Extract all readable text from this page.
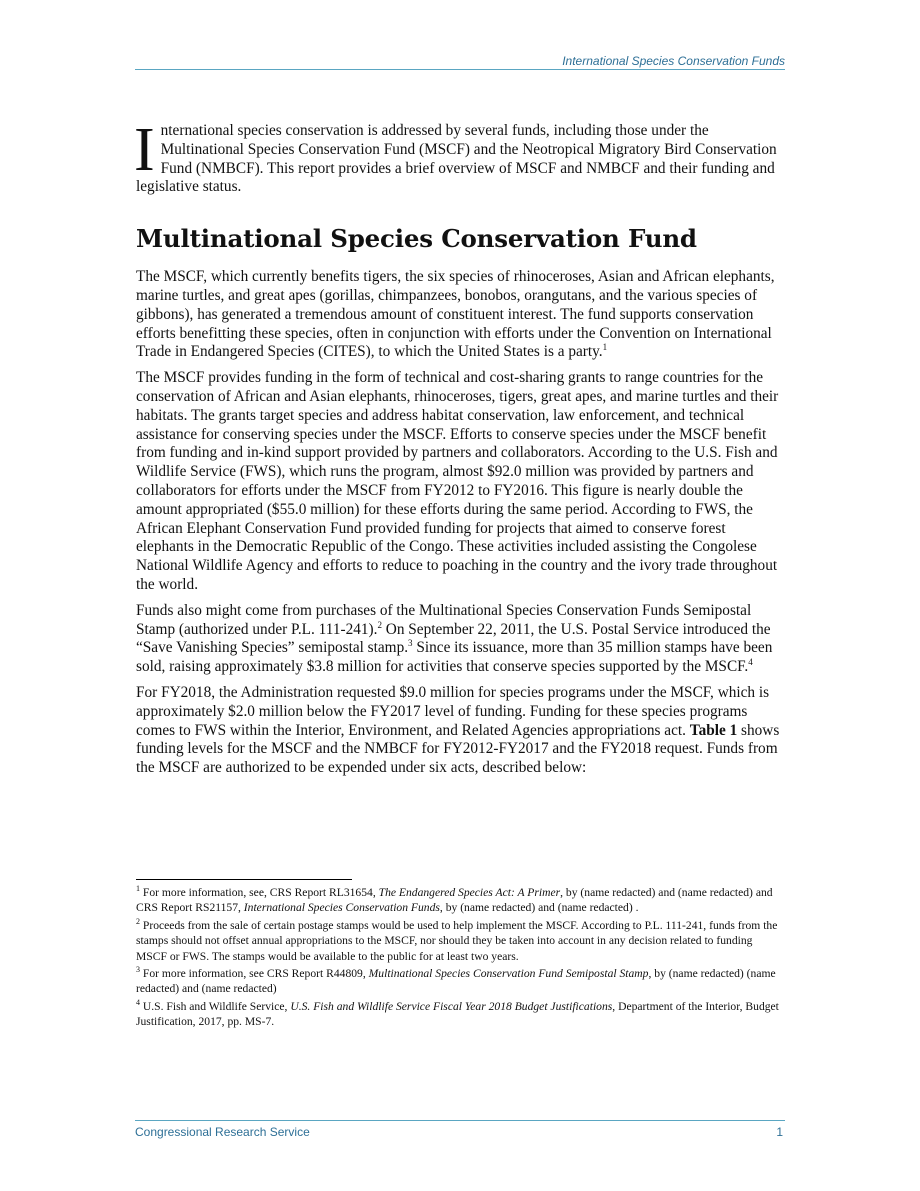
International Species Conservation Funds

International species conservation is addressed by several funds, including those under the Multinational Species Conservation Fund (MSCF) and the Neotropical Migratory Bird Conservation Fund (NMBCF). This report provides a brief overview of MSCF and NMBCF and their funding and legislative status.

Multinational Species Conservation Fund

The MSCF, which currently benefits tigers, the six species of rhinoceroses, Asian and African elephants, marine turtles, and great apes (gorillas, chimpanzees, bonobos, orangutans, and the various species of gibbons), has generated a tremendous amount of constituent interest. The fund supports conservation efforts benefitting these species, often in conjunction with efforts under the Convention on International Trade in Endangered Species (CITES), to which the United States is a party.$^1$

The MSCF provides funding in the form of technical and cost-sharing grants to range countries for the conservation of African and Asian elephants, rhinoceroses, tigers, great apes, and marine turtles and their habitats. The grants target species and address habitat conservation, law enforcement, and technical assistance for conserving species under the MSCF. Efforts to conserve species under the MSCF benefit from funding and in-kind support provided by partners and collaborators. According to the U.S. Fish and Wildlife Service (FWS), which runs the program, almost $92.0 million was provided by partners and collaborators for efforts under the MSCF from FY2012 to FY2016. This figure is nearly double the amount appropriated ($55.0 million) for these efforts during the same period. According to FWS, the African Elephant Conservation Fund provided funding for projects that aimed to conserve forest elephants in the Democratic Republic of the Congo. These activities included assisting the Congolese National Wildlife Agency and efforts to reduce to poaching in the country and the ivory trade throughout the world.

Funds also might come from purchases of the Multinational Species Conservation Funds Semipostal Stamp (authorized under P.L. 111-241).$^2$ On September 22, 2011, the U.S. Postal Service introduced the “Save Vanishing Species” semipostal stamp.$^3$ Since its issuance, more than 35 million stamps have been sold, raising approximately $3.8 million for activities that conserve species supported by the MSCF.$^4$

For FY2018, the Administration requested $9.0 million for species programs under the MSCF, which is approximately $2.0 million below the FY2017 level of funding. Funding for these species programs comes to FWS within the Interior, Environment, and Related Agencies appropriations act. Table 1 shows funding levels for the MSCF and the NMBCF for FY2012-FY2017 and the FY2018 request. Funds from the MSCF are authorized to be expended under six acts, described below:

$^1$ For more information, see, CRS Report RL31654, The Endangered Species Act: A Primer, by (name redacted) and (name redacted) and CRS Report RS21157, International Species Conservation Funds, by (name redacted) and (name redacted) .

$^2$ Proceeds from the sale of certain postage stamps would be used to help implement the MSCF. According to P.L. 111-241, funds from the stamps should not offset annual appropriations to the MSCF, nor should they be taken into account in any decision related to funding MSCF or FWS. The stamps would be available to the public for at least two years.

$^3$ For more information, see CRS Report R44809, Multinational Species Conservation Fund Semipostal Stamp, by (name redacted) (name redacted) and (name redacted)

$^4$ U.S. Fish and Wildlife Service, U.S. Fish and Wildlife Service Fiscal Year 2018 Budget Justifications, Department of the Interior, Budget Justification, 2017, pp. MS-7.

Congressional Research Service	1
